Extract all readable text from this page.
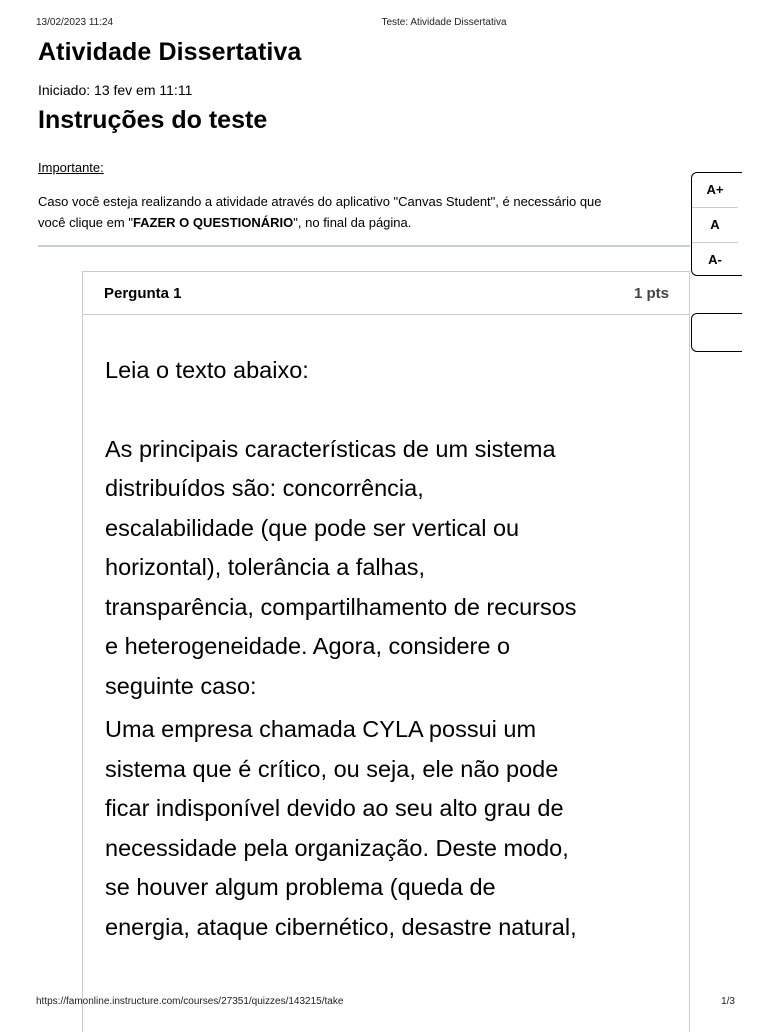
13/02/2023 11:24	Teste: Atividade Dissertativa
Atividade Dissertativa
Iniciado: 13 fev em 11:11
Instruções do teste
Importante:
Caso você esteja realizando a atividade através do aplicativo "Canvas Student", é necessário que
você clique em "FAZER O QUESTIONÁRIO", no final da página.
A+
A
A-
Pergunta 1	1 pts

Leia o texto abaixo:

As principais características de um sistema
distribuídos são: concorrência,
escalabilidade (que pode ser vertical ou
horizontal), tolerância a falhas,
transparência, compartilhamento de recursos
e heterogeneidade. Agora, considere o
seguinte caso:

Uma empresa chamada CYLA possui um
sistema que é crítico, ou seja, ele não pode
ficar indisponível devido ao seu alto grau de
necessidade pela organização. Deste modo,
se houver algum problema (queda de
energia, ataque cibernético, desastre natural,

https://famonline.instructure.com/courses/27351/quizzes/143215/take	1/3
